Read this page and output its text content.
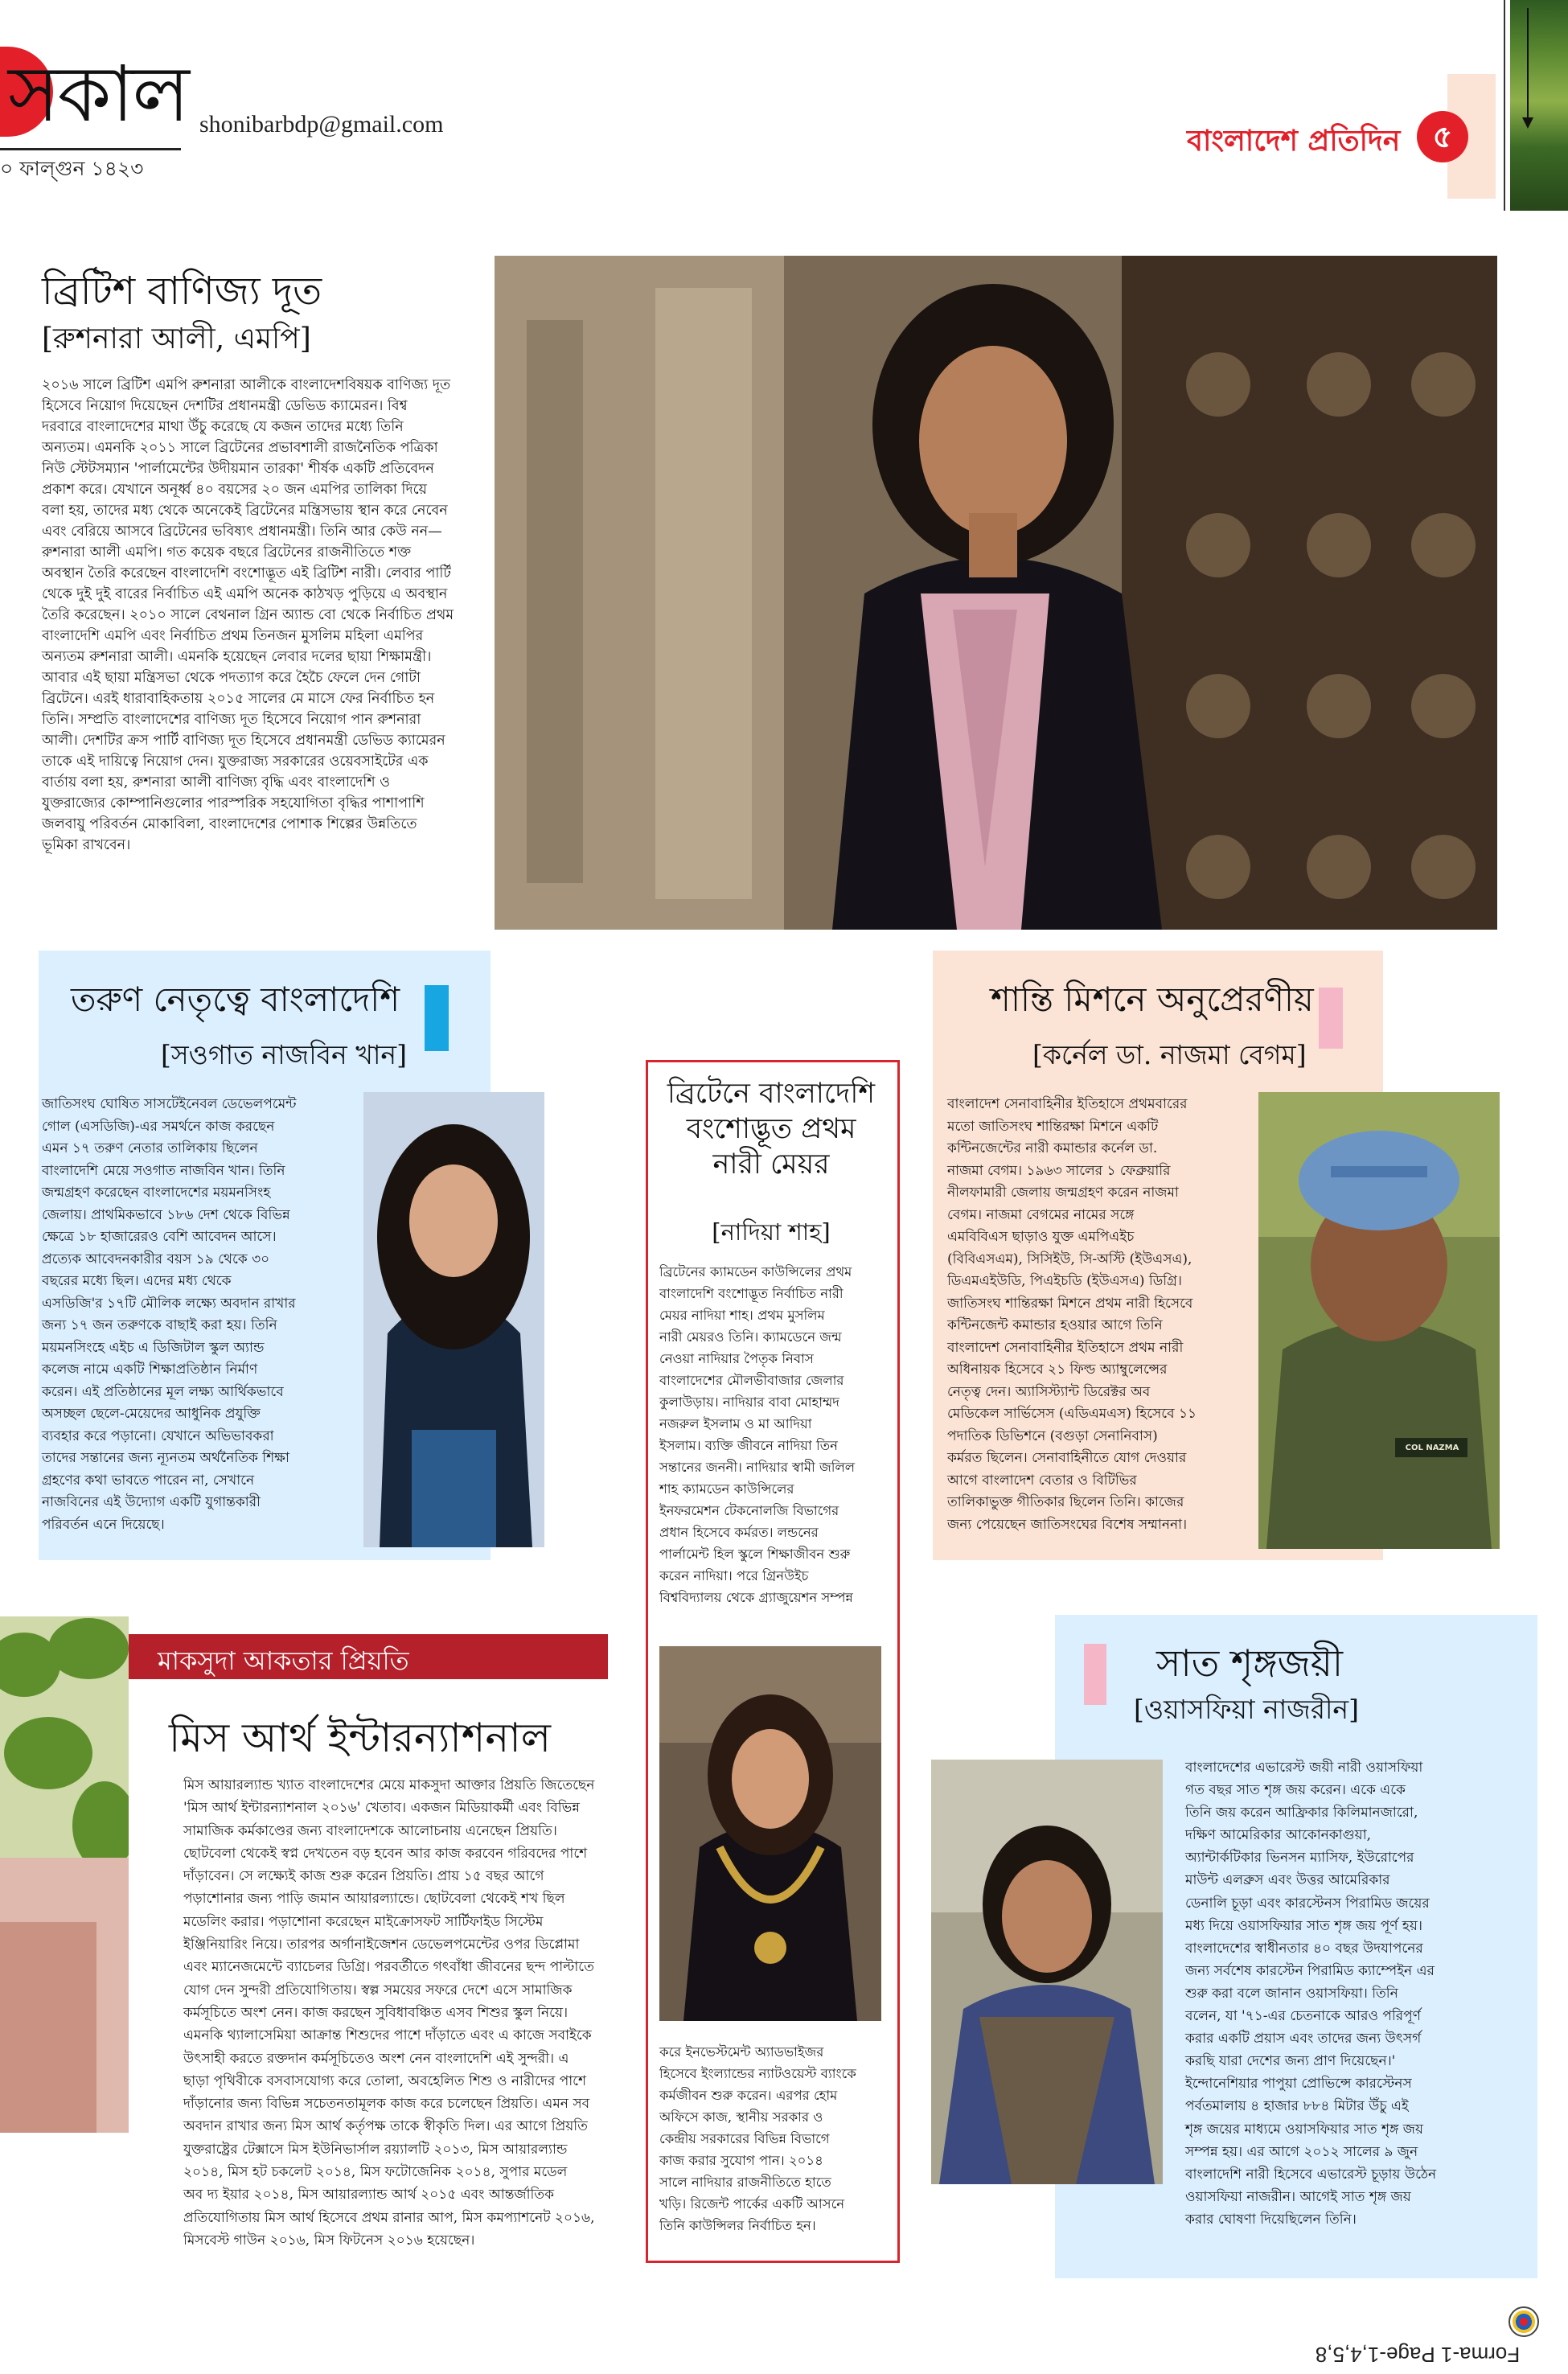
সকাল
০ ফাল্গুন ১৪২৩
shonibarbdp@gmail.com	বাংলাদেশ প্রতিদিন	৫
ব্রিটিশ বাণিজ্য দূত
[রুশনারা আলী, এমপি]
২০১৬ সালে ব্রিটিশ এমপি রুশনারা আলীকে বাংলাদেশবিষয়ক বাণিজ্য দূত
হিসেবে নিয়োগ দিয়েছেন দেশটির প্রধানমন্ত্রী ডেভিড ক্যামেরন। বিশ্ব
দরবারে বাংলাদেশের মাথা উঁচু করেছে যে কজন তাদের মধ্যে তিনি
অন্যতম। এমনকি ২০১১ সালে ব্রিটেনের প্রভাবশালী রাজনৈতিক পত্রিকা
নিউ স্টেটসম্যান 'পার্লামেন্টের উদীয়মান তারকা' শীর্ষক একটি প্রতিবেদন
প্রকাশ করে। যেখানে অনূর্ধ্ব ৪০ বয়সের ২০ জন এমপির তালিকা দিয়ে
বলা হয়, তাদের মধ্য থেকে অনেকেই ব্রিটেনের মন্ত্রিসভায় স্থান করে নেবেন
এবং বেরিয়ে আসবে ব্রিটেনের ভবিষ্যৎ প্রধানমন্ত্রী। তিনি আর কেউ নন—
রুশনারা আলী এমপি। গত কয়েক বছরে ব্রিটেনের রাজনীতিতে শক্ত
অবস্থান তৈরি করেছেন বাংলাদেশি বংশোদ্ভূত এই ব্রিটিশ নারী। লেবার পার্টি
থেকে দুই দুই বারের নির্বাচিত এই এমপি অনেক কাঠখড় পুড়িয়ে এ অবস্থান
তৈরি করেছেন। ২০১০ সালে বেথনাল গ্রিন অ্যান্ড বো থেকে নির্বাচিত প্রথম
বাংলাদেশি এমপি এবং নির্বাচিত প্রথম তিনজন মুসলিম মহিলা এমপির
অন্যতম রুশনারা আলী। এমনকি হয়েছেন লেবার দলের ছায়া শিক্ষামন্ত্রী।
আবার এই ছায়া মন্ত্রিসভা থেকে পদত্যাগ করে হৈচৈ ফেলে দেন গোটা
ব্রিটেনে। এরই ধারাবাহিকতায় ২০১৫ সালের মে মাসে ফের নির্বাচিত হন
তিনি। সম্প্রতি বাংলাদেশের বাণিজ্য দূত হিসেবে নিয়োগ পান রুশনারা
আলী। দেশটির ক্রস পার্টি বাণিজ্য দূত হিসেবে প্রধানমন্ত্রী ডেভিড ক্যামেরন
তাকে এই দায়িত্বে নিয়োগ দেন। যুক্তরাজ্য সরকারের ওয়েবসাইটের এক
বার্তায় বলা হয়, রুশনারা আলী বাণিজ্য বৃদ্ধি এবং বাংলাদেশি ও
যুক্তরাজ্যের কোম্পানিগুলোর পারস্পরিক সহযোগিতা বৃদ্ধির পাশাপাশি
জলবায়ু পরিবর্তন মোকাবিলা, বাংলাদেশের পোশাক শিল্পের উন্নতিতে
ভূমিকা রাখবেন।
তরুণ নেতৃত্বে বাংলাদেশি
[সওগাত নাজবিন খান]
জাতিসংঘ ঘোষিত সাসটেইনেবল ডেভেলপমেন্ট
গোল (এসডিজি)-এর সমর্থনে কাজ করছেন
এমন ১৭ তরুণ নেতার তালিকায় ছিলেন
বাংলাদেশি মেয়ে সওগাত নাজবিন খান। তিনি
জন্মগ্রহণ করেছেন বাংলাদেশের ময়মনসিংহ
জেলায়। প্রাথমিকভাবে ১৮৬ দেশ থেকে বিভিন্ন
ক্ষেত্রে ১৮ হাজারেরও বেশি আবেদন আসে।
প্রত্যেক আবেদনকারীর বয়স ১৯ থেকে ৩০
বছরের মধ্যে ছিল। এদের মধ্য থেকে
এসডিজি'র ১৭টি মৌলিক লক্ষ্যে অবদান রাখার
জন্য ১৭ জন তরুণকে বাছাই করা হয়। তিনি
ময়মনসিংহে এইচ এ ডিজিটাল স্কুল অ্যান্ড
কলেজ নামে একটি শিক্ষাপ্রতিষ্ঠান নির্মাণ
করেন। এই প্রতিষ্ঠানের মূল লক্ষ্য আর্থিকভাবে
অসচ্ছল ছেলে-মেয়েদের আধুনিক প্রযুক্তি
ব্যবহার করে পড়ানো। যেখানে অভিভাবকরা
তাদের সন্তানের জন্য ন্যূনতম অর্থনৈতিক শিক্ষা
গ্রহণের কথা ভাবতে পারেন না, সেখানে
নাজবিনের এই উদ্যোগ একটি যুগান্তকারী
পরিবর্তন এনে দিয়েছে।
ব্রিটেনে বাংলাদেশি বংশোদ্ভূত প্রথম নারী মেয়র
[নাদিয়া শাহ]
ব্রিটেনের ক্যামডেন কাউন্সিলের প্রথম
বাংলাদেশি বংশোদ্ভূত নির্বাচিত নারী
মেয়র নাদিয়া শাহ। প্রথম মুসলিম
নারী মেয়রও তিনি। ক্যামডেনে জন্ম
নেওয়া নাদিয়ার পৈতৃক নিবাস
বাংলাদেশের মৌলভীবাজার জেলার
কুলাউড়ায়। নাদিয়ার বাবা মোহাম্মদ
নজরুল ইসলাম ও মা আদিয়া
ইসলাম। ব্যক্তি জীবনে নাদিয়া তিন
সন্তানের জননী। নাদিয়ার স্বামী জলিল
শাহ ক্যামডেন কাউন্সিলের
ইনফরমেশন টেকনোলজি বিভাগের
প্রধান হিসেবে কর্মরত। লন্ডনের
পার্লামেন্ট হিল স্কুলে শিক্ষাজীবন শুরু
করেন নাদিয়া। পরে গ্রিনউইচ
বিশ্ববিদ্যালয় থেকে গ্র্যাজুয়েশন সম্পন্ন
করে ইনভেস্টমেন্ট অ্যাডভাইজর
হিসেবে ইংল্যান্ডের ন্যাটওয়েস্ট ব্যাংকে
কর্মজীবন শুরু করেন। এরপর হোম
অফিসে কাজ, স্থানীয় সরকার ও
কেন্দ্রীয় সরকারের বিভিন্ন বিভাগে
কাজ করার সুযোগ পান। ২০১৪
সালে নাদিয়ার রাজনীতিতে হাতে
খড়ি। রিজেন্ট পার্কের একটি আসনে
তিনি কাউন্সিলর নির্বাচিত হন।
শান্তি মিশনে অনুপ্রেরণীয়
[কর্নেল ডা. নাজমা বেগম]
বাংলাদেশ সেনাবাহিনীর ইতিহাসে প্রথমবারের
মতো জাতিসংঘ শান্তিরক্ষা মিশনে একটি
কন্টিনজেন্টের নারী কমান্ডার কর্নেল ডা.
নাজমা বেগম। ১৯৬৩ সালের ১ ফেব্রুয়ারি
নীলফামারী জেলায় জন্মগ্রহণ করেন নাজমা
বেগম। নাজমা বেগমের নামের সঙ্গে
এমবিবিএস ছাড়াও যুক্ত এমপিএইচ
(বিবিএসএম), সিসিইউ, সি-অস্টি (ইউএসএ),
ডিএমএইউডি, পিএইচডি (ইউএসএ) ডিগ্রি।
জাতিসংঘ শান্তিরক্ষা মিশনে প্রথম নারী হিসেবে
কন্টিনজেন্ট কমান্ডার হওয়ার আগে তিনি
বাংলাদেশ সেনাবাহিনীর ইতিহাসে প্রথম নারী
অধিনায়ক হিসেবে ২১ ফিল্ড অ্যাম্বুলেন্সের
নেতৃত্ব দেন। অ্যাসিস্ট্যান্ট ডিরেক্টর অব
মেডিকেল সার্ভিসেস (এডিএমএস) হিসেবে ১১
পদাতিক ডিভিশনে (বগুড়া সেনানিবাস)
কর্মরত ছিলেন। সেনাবাহিনীতে যোগ দেওয়ার
আগে বাংলাদেশ বেতার ও বিটিভির
তালিকাভুক্ত গীতিকার ছিলেন তিনি। কাজের
জন্য পেয়েছেন জাতিসংঘের বিশেষ সম্মাননা।
COL NAZMA
মাকসুদা আকতার প্রিয়তি
মিস আর্থ ইন্টারন্যাশনাল
মিস আয়ারল্যান্ড খ্যাত বাংলাদেশের মেয়ে মাকসুদা আক্তার প্রিয়তি জিতেছেন
'মিস আর্থ ইন্টারন্যাশনাল ২০১৬' খেতাব। একজন মিডিয়াকর্মী এবং বিভিন্ন
সামাজিক কর্মকাণ্ডের জন্য বাংলাদেশকে আলোচনায় এনেছেন প্রিয়তি।
ছোটবেলা থেকেই স্বপ্ন দেখতেন বড় হবেন আর কাজ করবেন গরিবদের পাশে
দাঁড়াবেন। সে লক্ষ্যেই কাজ শুরু করেন প্রিয়তি। প্রায় ১৫ বছর আগে
পড়াশোনার জন্য পাড়ি জমান আয়ারল্যান্ডে। ছোটবেলা থেকেই শখ ছিল
মডেলিং করার। পড়াশোনা করেছেন মাইক্রোসফট সার্টিফাইড সিস্টেম
ইঞ্জিনিয়ারিং নিয়ে। তারপর অর্গানাইজেশন ডেভেলপমেন্টের ওপর ডিপ্লোমা
এবং ম্যানেজমেন্টে ব্যাচেলর ডিগ্রি। পরবর্তীতে গৎবাঁধা জীবনের ছন্দ পাল্টাতে
যোগ দেন সুন্দরী প্রতিযোগিতায়। স্বল্প সময়ের সফরে দেশে এসে সামাজিক
কর্মসূচিতে অংশ নেন। কাজ করছেন সুবিধাবঞ্চিত এসব শিশুর স্কুল নিয়ে।
এমনকি থ্যালাসেমিয়া আক্রান্ত শিশুদের পাশে দাঁড়াতে এবং এ কাজে সবাইকে
উৎসাহী করতে রক্তদান কর্মসূচিতেও অংশ নেন বাংলাদেশি এই সুন্দরী। এ
ছাড়া পৃথিবীকে বসবাসযোগ্য করে তোলা, অবহেলিত শিশু ও নারীদের পাশে
দাঁড়ানোর জন্য বিভিন্ন সচেতনতামূলক কাজ করে চলেছেন প্রিয়তি। এমন সব
অবদান রাখার জন্য মিস আর্থ কর্তৃপক্ষ তাকে স্বীকৃতি দিল। এর আগে প্রিয়তি
যুক্তরাষ্ট্রের টেক্সাসে মিস ইউনিভার্সাল রয়্যালটি ২০১৩, মিস আয়ারল্যান্ড
২০১৪, মিস হট চকলেট ২০১৪, মিস ফটোজেনিক ২০১৪, সুপার মডেল
অব দ্য ইয়ার ২০১৪, মিস আয়ারল্যান্ড আর্থ ২০১৫ এবং আন্তর্জাতিক
প্রতিযোগিতায় মিস আর্থ হিসেবে প্রথম রানার আপ, মিস কমপ্যাশনেট ২০১৬,
মিসবেস্ট গাউন ২০১৬, মিস ফিটনেস ২০১৬ হয়েছেন।
সাত শৃঙ্গজয়ী
[ওয়াসফিয়া নাজরীন]
বাংলাদেশের এভারেস্ট জয়ী নারী ওয়াসফিয়া
গত বছর সাত শৃঙ্গ জয় করেন। একে একে
তিনি জয় করেন আফ্রিকার কিলিমানজারো,
দক্ষিণ আমেরিকার আকোনকাগুয়া,
অ্যান্টার্কটিকার ভিনসন ম্যাসিফ, ইউরোপের
মাউন্ট এলব্রুস এবং উত্তর আমেরিকার
ডেনালি চূড়া এবং কারস্টেনস পিরামিড জয়ের
মধ্য দিয়ে ওয়াসফিয়ার সাত শৃঙ্গ জয় পূর্ণ হয়।
বাংলাদেশের স্বাধীনতার ৪০ বছর উদযাপনের
জন্য সর্বশেষ কারস্টেন পিরামিড ক্যাম্পেইন এর
শুরু করা বলে জানান ওয়াসফিয়া। তিনি
বলেন, যা '৭১-এর চেতনাকে আরও পরিপূর্ণ
করার একটি প্রয়াস এবং তাদের জন্য উৎসর্গ
করছি যারা দেশের জন্য প্রাণ দিয়েছেন।'
ইন্দোনেশিয়ার পাপুয়া প্রোভিন্সে কারস্টেনস
পর্বতমালায় ৪ হাজার ৮৮৪ মিটার উঁচু এই
শৃঙ্গ জয়ের মাধ্যমে ওয়াসফিয়ার সাত শৃঙ্গ জয়
সম্পন্ন হয়। এর আগে ২০১২ সালের ৯ জুন
বাংলাদেশি নারী হিসেবে এভারেস্ট চূড়ায় উঠেন
ওয়াসফিয়া নাজরীন। আগেই সাত শৃঙ্গ জয়
করার ঘোষণা দিয়েছিলেন তিনি।
Forma-1 Page-1,4,5,8
